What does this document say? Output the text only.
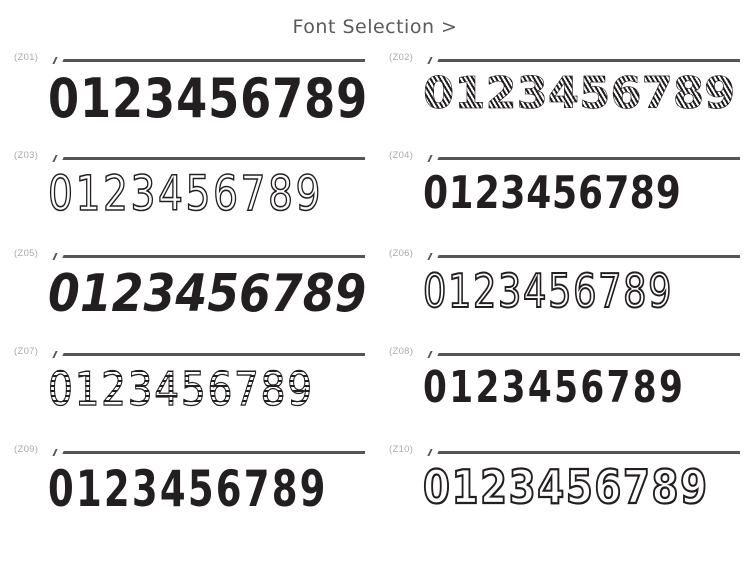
Font Selection >
(Z01)
0123456789
(Z02)
0123456789
(Z03)
0123456789
(Z04)
0123456789
(Z05)
0123456789
(Z06)
0123456789
(Z07)
0123456789
(Z08)
0123456789
(Z09)
0123456789
(Z10)
0123456789
